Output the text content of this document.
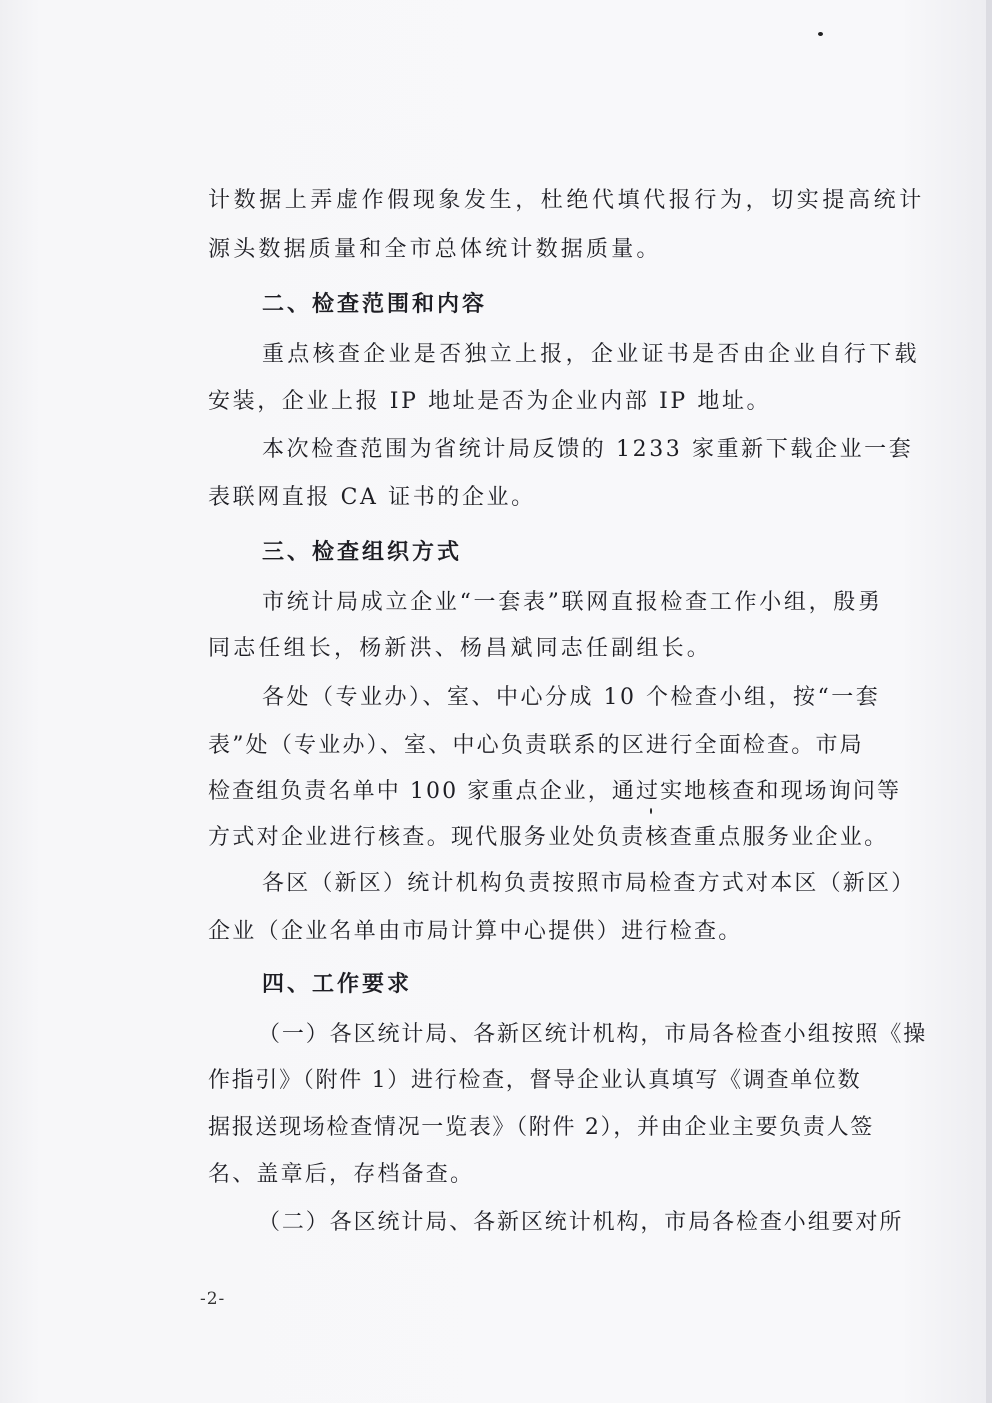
计数据上弄虚作假现象发生，杜绝代填代报行为，切实提高统计
源头数据质量和全市总体统计数据质量。
二、检查范围和内容
重点核查企业是否独立上报，企业证书是否由企业自行下载
安装，企业上报 IP 地址是否为企业内部 IP 地址。
本次检查范围为省统计局反馈的 1233 家重新下载企业一套
表联网直报 CA 证书的企业。
三、检查组织方式
市统计局成立企业“一套表”联网直报检查工作小组，殷勇
同志任组长，杨新洪、杨昌斌同志任副组长。
各处（专业办）、室、中心分成 10 个检查小组，按“一套
表”处（专业办）、室、中心负责联系的区进行全面检查。市局
检查组负责名单中 100 家重点企业，通过实地核查和现场询问等
方式对企业进行核查。现代服务业处负责核查重点服务业企业。
各区（新区）统计机构负责按照市局检查方式对本区（新区）
企业（企业名单由市局计算中心提供）进行检查。
四、工作要求
（一）各区统计局、各新区统计机构，市局各检查小组按照《操
作指引》（附件 1）进行检查，督导企业认真填写《调查单位数
据报送现场检查情况一览表》（附件 2），并由企业主要负责人签
名、盖章后，存档备查。
（二）各区统计局、各新区统计机构，市局各检查小组要对所
-2-
